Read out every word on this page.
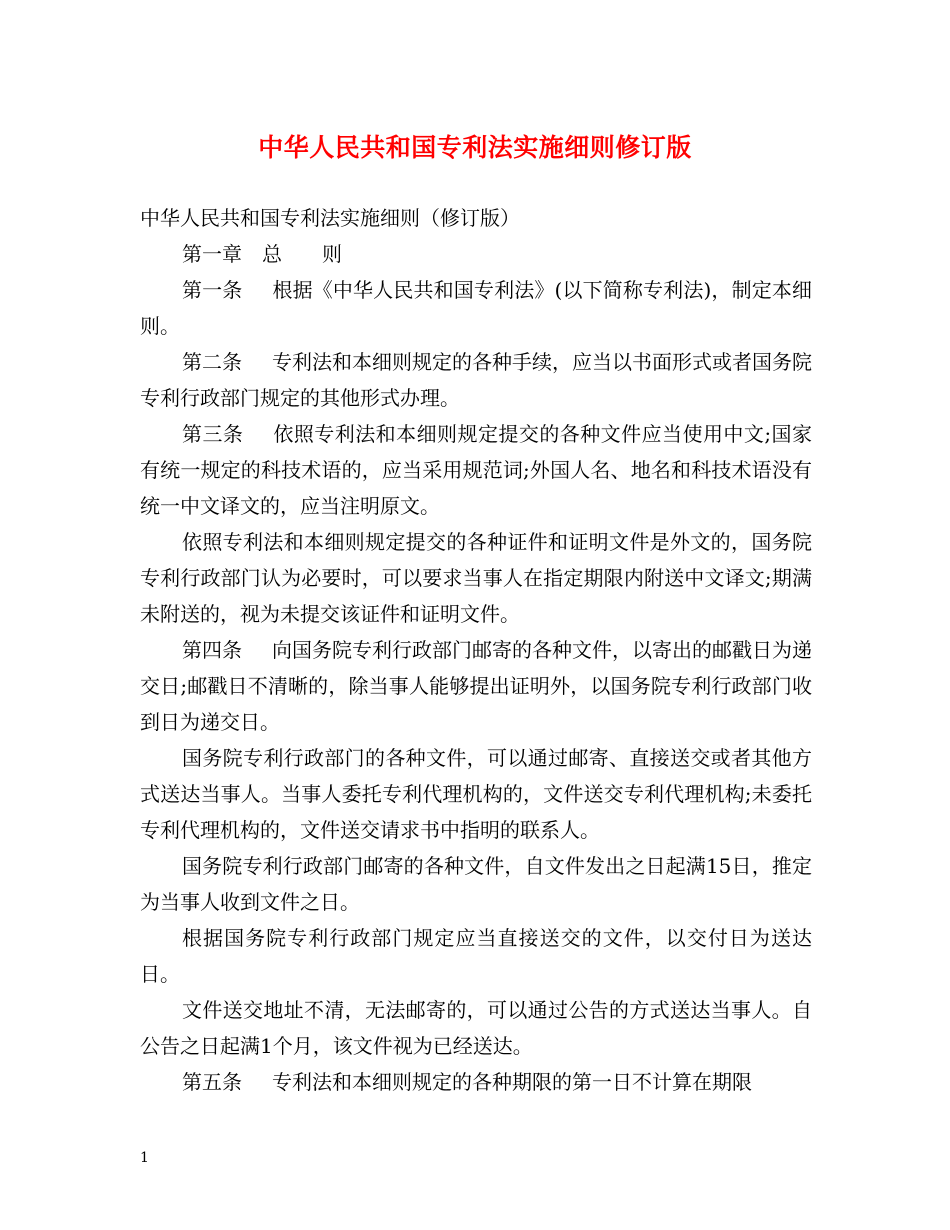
中华人民共和国专利法实施细则修订版

中华人民共和国专利法实施细则（修订版）

第一章　总　　则

第一条 根据《中华人民共和国专利法》(以下简称专利法)，制定本细则。

第二条 专利法和本细则规定的各种手续，应当以书面形式或者国务院专利行政部门规定的其他形式办理。

第三条 依照专利法和本细则规定提交的各种文件应当使用中文;国家有统一规定的科技术语的，应当采用规范词;外国人名、地名和科技术语没有统一中文译文的，应当注明原文。

依照专利法和本细则规定提交的各种证件和证明文件是外文的，国务院专利行政部门认为必要时，可以要求当事人在指定期限内附送中文译文;期满未附送的，视为未提交该证件和证明文件。

第四条 向国务院专利行政部门邮寄的各种文件，以寄出的邮戳日为递交日;邮戳日不清晰的，除当事人能够提出证明外，以国务院专利行政部门收到日为递交日。

国务院专利行政部门的各种文件，可以通过邮寄、直接送交或者其他方式送达当事人。当事人委托专利代理机构的，文件送交专利代理机构;未委托专利代理机构的，文件送交请求书中指明的联系人。

国务院专利行政部门邮寄的各种文件，自文件发出之日起满15日，推定为当事人收到文件之日。

根据国务院专利行政部门规定应当直接送交的文件，以交付日为送达日。

文件送交地址不清，无法邮寄的，可以通过公告的方式送达当事人。自公告之日起满1个月，该文件视为已经送达。

第五条 专利法和本细则规定的各种期限的第一日不计算在期限

1
